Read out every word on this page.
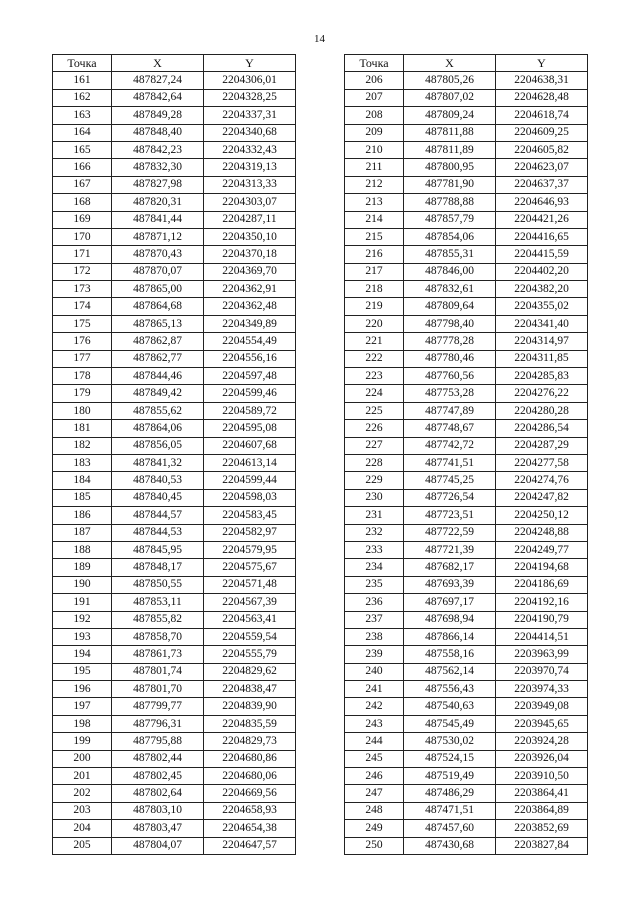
14
Точка	X	Y
161	487827,24	2204306,01
162	487842,64	2204328,25
163	487849,28	2204337,31
164	487848,40	2204340,68
165	487842,23	2204332,43
166	487832,30	2204319,13
167	487827,98	2204313,33
168	487820,31	2204303,07
169	487841,44	2204287,11
170	487871,12	2204350,10
171	487870,43	2204370,18
172	487870,07	2204369,70
173	487865,00	2204362,91
174	487864,68	2204362,48
175	487865,13	2204349,89
176	487862,87	2204554,49
177	487862,77	2204556,16
178	487844,46	2204597,48
179	487849,42	2204599,46
180	487855,62	2204589,72
181	487864,06	2204595,08
182	487856,05	2204607,68
183	487841,32	2204613,14
184	487840,53	2204599,44
185	487840,45	2204598,03
186	487844,57	2204583,45
187	487844,53	2204582,97
188	487845,95	2204579,95
189	487848,17	2204575,67
190	487850,55	2204571,48
191	487853,11	2204567,39
192	487855,82	2204563,41
193	487858,70	2204559,54
194	487861,73	2204555,79
195	487801,74	2204829,62
196	487801,70	2204838,47
197	487799,77	2204839,90
198	487796,31	2204835,59
199	487795,88	2204829,73
200	487802,44	2204680,86
201	487802,45	2204680,06
202	487802,64	2204669,56
203	487803,10	2204658,93
204	487803,47	2204654,38
205	487804,07	2204647,57
Точка	X	Y
206	487805,26	2204638,31
207	487807,02	2204628,48
208	487809,24	2204618,74
209	487811,88	2204609,25
210	487811,89	2204605,82
211	487800,95	2204623,07
212	487781,90	2204637,37
213	487788,88	2204646,93
214	487857,79	2204421,26
215	487854,06	2204416,65
216	487855,31	2204415,59
217	487846,00	2204402,20
218	487832,61	2204382,20
219	487809,64	2204355,02
220	487798,40	2204341,40
221	487778,28	2204314,97
222	487780,46	2204311,85
223	487760,56	2204285,83
224	487753,28	2204276,22
225	487747,89	2204280,28
226	487748,67	2204286,54
227	487742,72	2204287,29
228	487741,51	2204277,58
229	487745,25	2204274,76
230	487726,54	2204247,82
231	487723,51	2204250,12
232	487722,59	2204248,88
233	487721,39	2204249,77
234	487682,17	2204194,68
235	487693,39	2204186,69
236	487697,17	2204192,16
237	487698,94	2204190,79
238	487866,14	2204414,51
239	487558,16	2203963,99
240	487562,14	2203970,74
241	487556,43	2203974,33
242	487540,63	2203949,08
243	487545,49	2203945,65
244	487530,02	2203924,28
245	487524,15	2203926,04
246	487519,49	2203910,50
247	487486,29	2203864,41
248	487471,51	2203864,89
249	487457,60	2203852,69
250	487430,68	2203827,84
